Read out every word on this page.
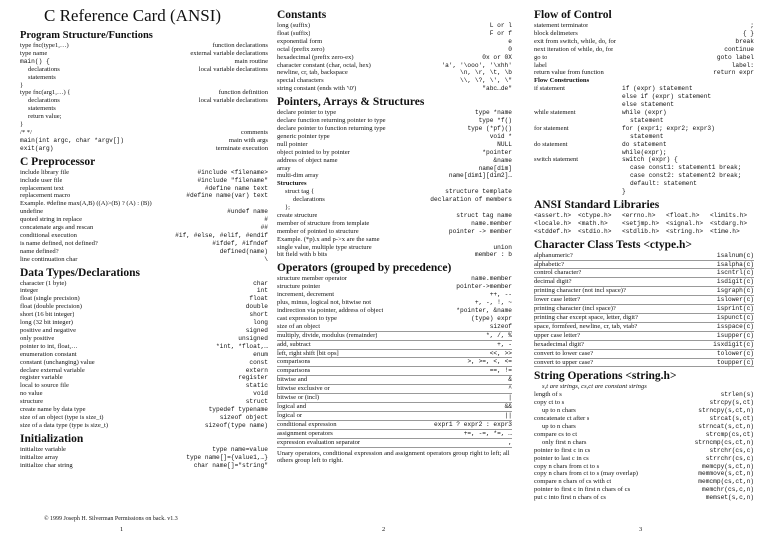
C Reference Card (ANSI)
Program Structure/Functions
type fnc(type1,…)	function declarations
type name	external variable declarations
main() {	main routine
declarations	local variable declarations
statements
}
type fnc(arg1,…) {	function definition
declarations	local variable declarations
statements
return value;
}
/* */	comments
main(int argc, char *argv[])	main with args
exit(arg)	terminate execution
C Preprocessor
include library file	#include <filename>
include user file	#include "filename"
replacement text	#define name text
replacement macro	#define name(var) text
Example. #define max(A,B) ((A)>(B) ? (A) : (B))
undefine	#undef name
quoted string in replace	#
concatenate args and rescan	##
conditional execution	#if, #else, #elif, #endif
is name defined, not defined?	#ifdef, #ifndef
name defined?	defined(name)
line continuation char	\
Data Types/Declarations
character (1 byte)	char
integer	int
float (single precision)	float
float (double precision)	double
short (16 bit integer)	short
long (32 bit integer)	long
positive and negative	signed
only positive	unsigned
pointer to int, float,…	*int, *float,…
enumeration constant	enum
constant (unchanging) value	const
declare external variable	extern
register variable	register
local to source file	static
no value	void
structure	struct
create name by data type	typedef typename
size of an object (type is size_t)	sizeof object
size of a data type (type is size_t)	sizeof(type name)
Initialization
initialize variable	type name=value
initialize array	type name[]={value1,…}
initialize char string	char name[]="string"
© 1999 Joseph H. Silverman Permissions on back. v1.3
1
Constants
long (suffix)	L or l
float (suffix)	F or f
exponential form	e
octal (prefix zero)	0
hexadecimal (prefix zero-ex)	0x or 0X
character constant (char, octal, hex)	'a', '\ooo', '\xhh'
newline, cr, tab, backspace	\n, \r, \t, \b
special characters	\\, \?, \', \"
string constant (ends with '\0')	"abc…de"
Pointers, Arrays & Structures
declare pointer to type	type *name
declare function returning pointer to type	type *f()
declare pointer to function returning type	type (*pf)()
generic pointer type	void *
null pointer	NULL
object pointed to by pointer	*pointer
address of object name	&name
array	name[dim]
multi-dim array	name[dim1][dim2]…
Structures
struct tag {	structure template
declarations	declaration of members
};
create structure	struct tag name
member of structure from template	name.member
member of pointed to structure	pointer -> member
Example. (*p).x and p->x are the same
single value, multiple type structure	union
bit field with b bits	member : b
Operators (grouped by precedence)
structure member operator	name.member
structure pointer	pointer->member
increment, decrement	++, --
plus, minus, logical not, bitwise not	+, -, !, ~
indirection via pointer, address of object	*pointer, &name
cast expression to type	(type) expr
size of an object	sizeof
multiply, divide, modulus (remainder)	*, /, %
add, subtract	+, -
left, right shift [bit ops]	<<, >>
comparisons	>, >=, <, <=
comparisons	==, !=
bitwise and	&
bitwise exclusive or	^
bitwise or (incl)	|
logical and	&&
logical or	||
conditional expression	expr1 ? expr2 : expr3
assignment operators	+=, -=, *=, …
expression evaluation separator	,
Unary operators, conditional expression and assignment operators group right to left; all others group left to right.
2
Flow of Control
statement terminator	;
block delimeters	{ }
exit from switch, while, do, for	break
next iteration of while, do, for	continue
go to	goto label
label	label:
return value from function	return expr
Flow Constructions
if statement	if (expr) statement
else if (expr) statement
else statement
while statement	while (expr)
statement
for statement	for (expr1; expr2; expr3)
statement
do statement	do statement
while(expr);
switch statement	switch (expr) {
case const1: statement1 break;
case const2: statement2 break;
default: statement
}
ANSI Standard Libraries
<assert.h>	<ctype.h>	<errno.h>	<float.h>	<limits.h>
<locale.h>	<math.h>	<setjmp.h>	<signal.h>	<stdarg.h>
<stddef.h>	<stdio.h>	<stdlib.h>	<string.h>	<time.h>
Character Class Tests <ctype.h>
alphanumeric?	isalnum(c)
alphabetic?	isalpha(c)
control character?	iscntrl(c)
decimal digit?	isdigit(c)
printing character (not incl space)?	isgraph(c)
lower case letter?	islower(c)
printing character (incl space)?	isprint(c)
printing char except space, letter, digit?	ispunct(c)
space, formfeed, newline, cr, tab, vtab?	isspace(c)
upper case letter?	isupper(c)
hexadecimal digit?	isxdigit(c)
convert to lower case?	tolower(c)
convert to upper case?	toupper(c)
String Operations <string.h>
s,t are strings, cs,ct are constant strings
length of s	strlen(s)
copy ct to s	strcpy(s,ct)
up to n chars	strncpy(s,ct,n)
concatenate ct after s	strcat(s,ct)
up to n chars	strncat(s,ct,n)
compare cs to ct	strcmp(cs,ct)
only first n chars	strncmp(cs,ct,n)
pointer to first c in cs	strchr(cs,c)
pointer to last c in cs	strrchr(cs,c)
copy n chars from ct to s	memcpy(s,ct,n)
copy n chars from ct to s (may overlap)	memmove(s,ct,n)
compare n chars of cs with ct	memcmp(cs,ct,n)
pointer to first c in first n chars of cs	memchr(cs,c,n)
put c into first n chars of cs	memset(s,c,n)
3
